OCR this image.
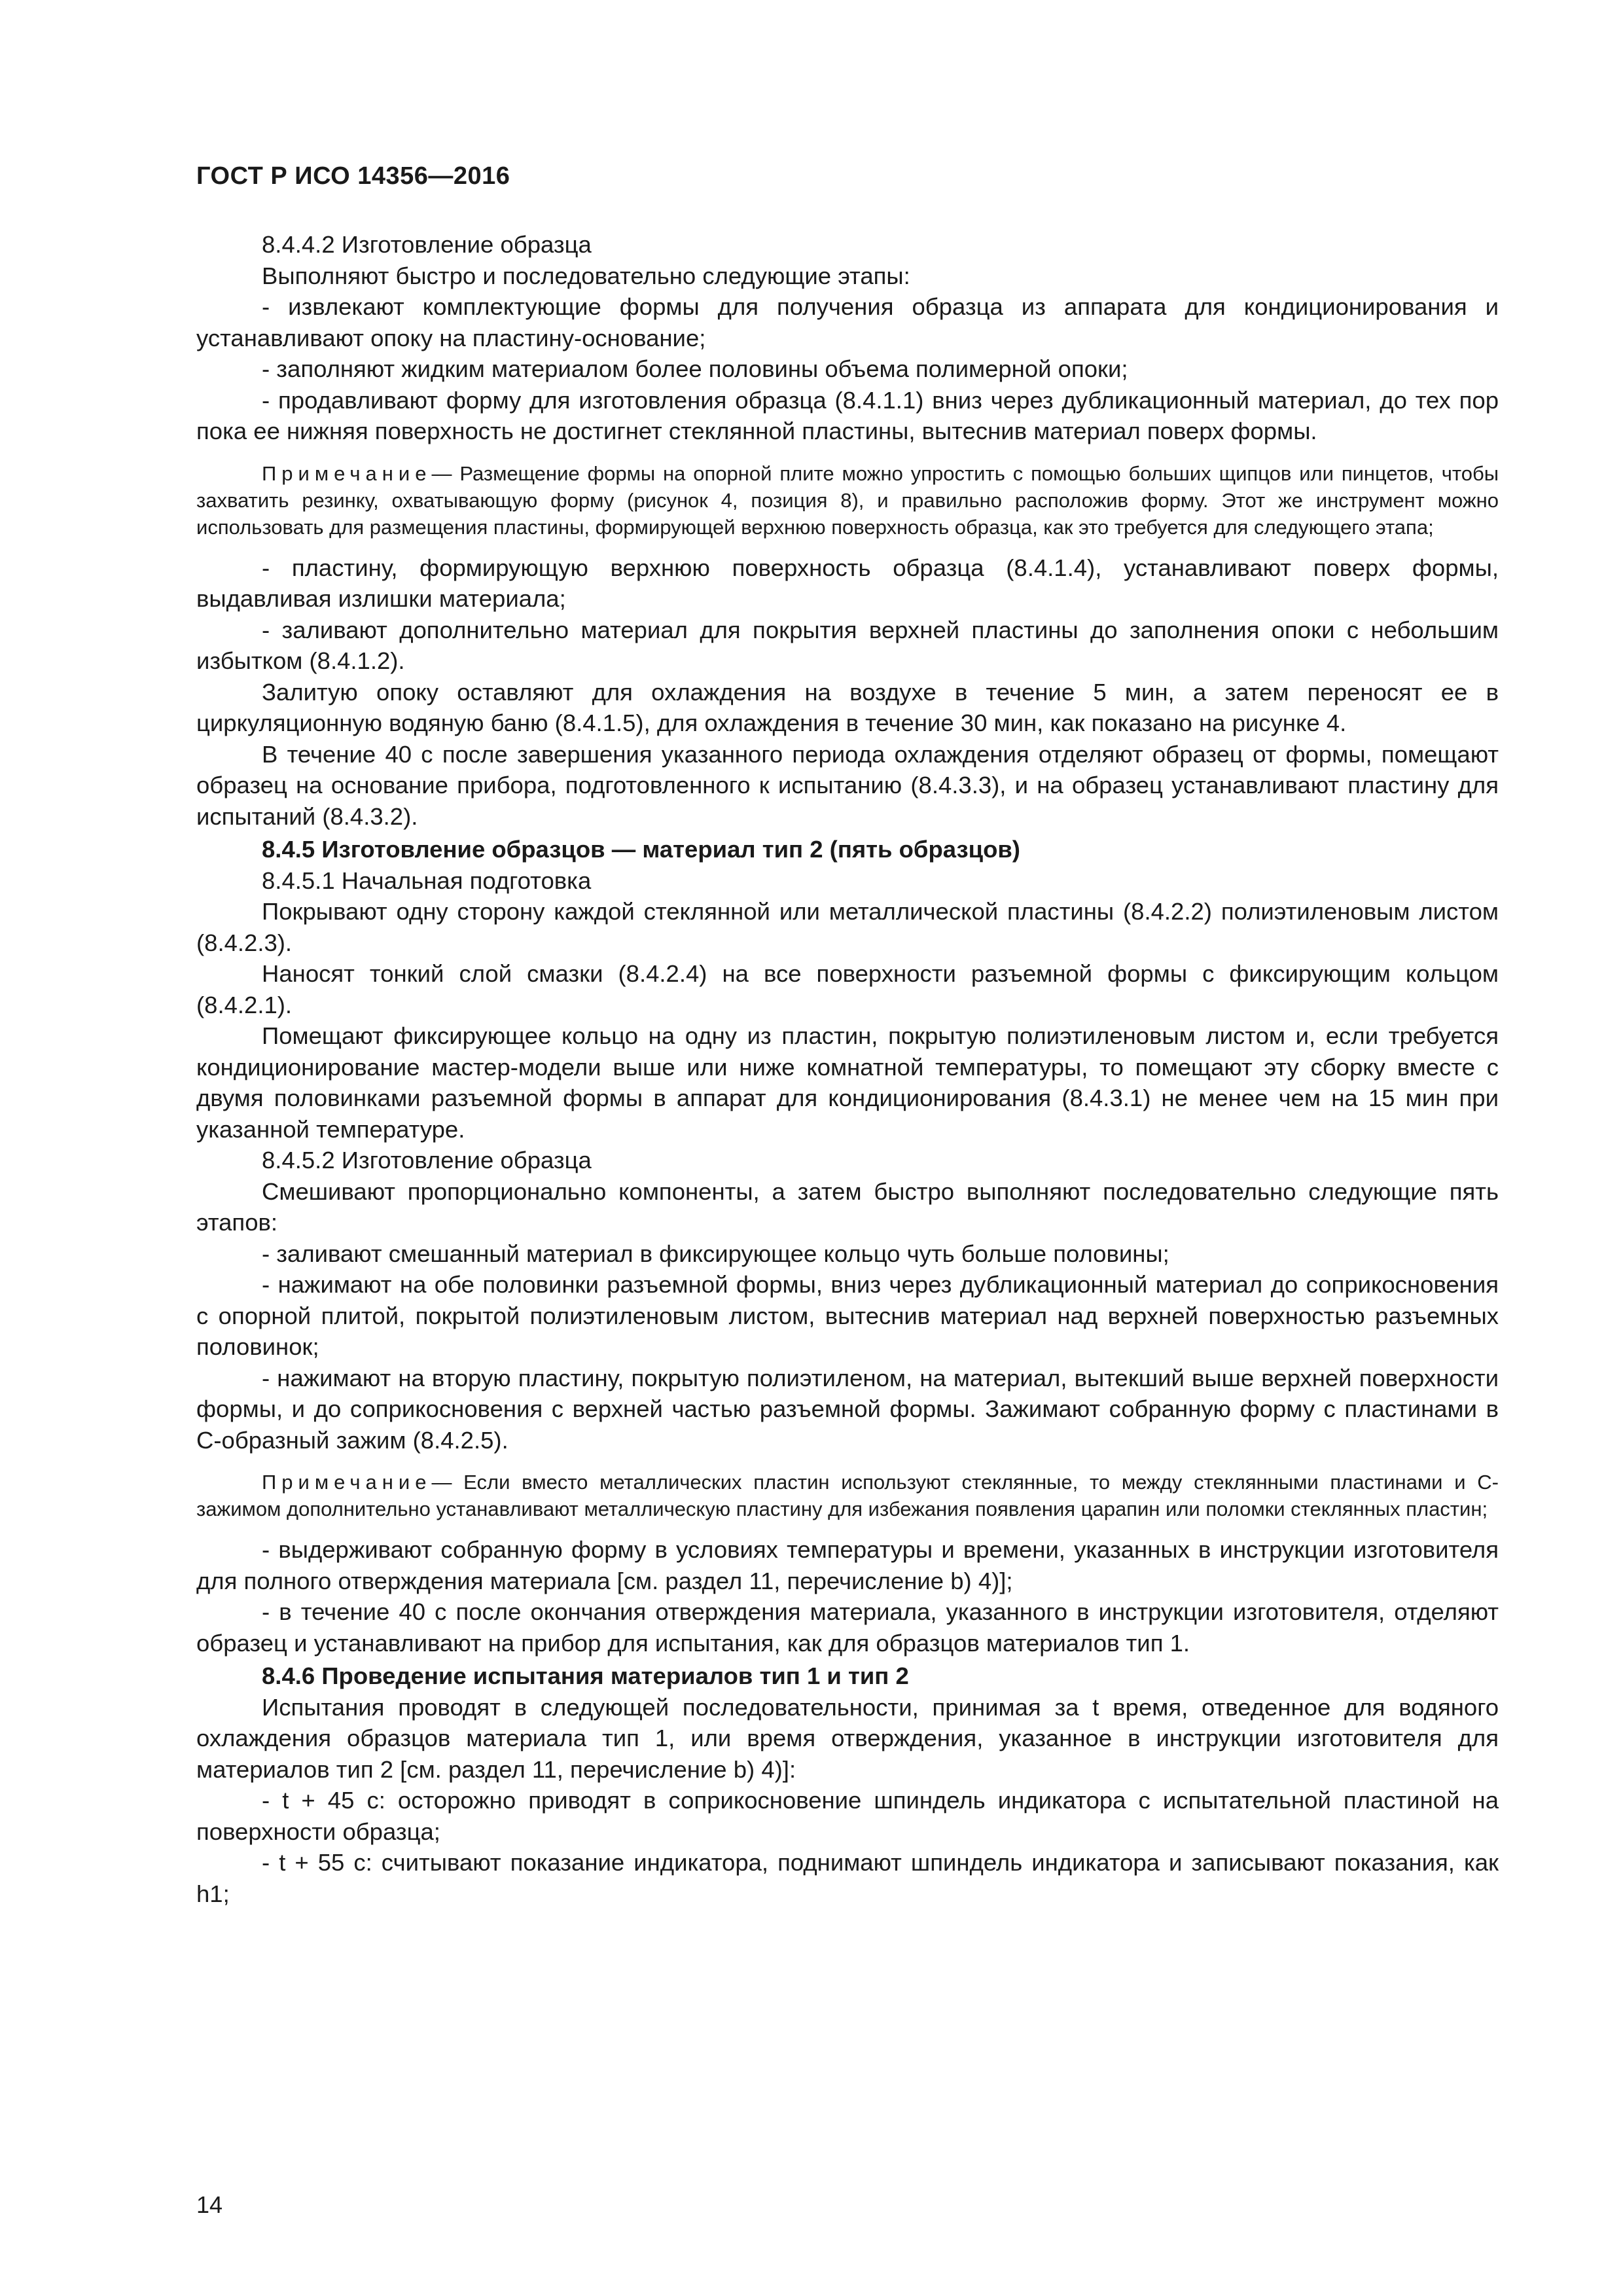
ГОСТ Р ИСО 14356—2016

8.4.4.2 Изготовление образца

Выполняют быстро и последовательно следующие этапы:

- извлекают комплектующие формы для получения образца из аппарата для кондиционирования и устанавливают опоку на пластину-основание;

- заполняют жидким материалом более половины объема полимерной опоки;

- продавливают форму для изготовления образца (8.4.1.1) вниз через дубликационный материал, до тех пор пока ее нижняя поверхность не достигнет стеклянной пластины, вытеснив материал поверх формы.

Примечание— Размещение формы на опорной плите можно упростить с помощью больших щипцов или пинцетов, чтобы захватить резинку, охватывающую форму (рисунок 4, позиция 8), и правильно расположив форму. Этот же инструмент можно использовать для размещения пластины, формирующей верхнюю поверхность образца, как это требуется для следующего этапа;

- пластину, формирующую верхнюю поверхность образца (8.4.1.4), устанавливают поверх формы, выдавливая излишки материала;

- заливают дополнительно материал для покрытия верхней пластины до заполнения опоки с небольшим избытком (8.4.1.2).

Залитую опоку оставляют для охлаждения на воздухе в течение 5 мин, а затем переносят ее в циркуляционную водяную баню (8.4.1.5), для охлаждения в течение 30 мин, как показано на рисунке 4.

В течение 40 с после завершения указанного периода охлаждения отделяют образец от формы, помещают образец на основание прибора, подготовленного к испытанию (8.4.3.3), и на образец устанавливают пластину для испытаний (8.4.3.2).

8.4.5 Изготовление образцов — материал тип 2 (пять образцов)

8.4.5.1 Начальная подготовка

Покрывают одну сторону каждой стеклянной или металлической пластины (8.4.2.2) полиэтиленовым листом (8.4.2.3).

Наносят тонкий слой смазки (8.4.2.4) на все поверхности разъемной формы с фиксирующим кольцом (8.4.2.1).

Помещают фиксирующее кольцо на одну из пластин, покрытую полиэтиленовым листом и, если требуется кондиционирование мастер-модели выше или ниже комнатной температуры, то помещают эту сборку вместе с двумя половинками разъемной формы в аппарат для кондиционирования (8.4.3.1) не менее чем на 15 мин при указанной температуре.

8.4.5.2 Изготовление образца

Смешивают пропорционально компоненты, а затем быстро выполняют последовательно следующие пять этапов:

- заливают смешанный материал в фиксирующее кольцо чуть больше половины;

- нажимают на обе половинки разъемной формы, вниз через дубликационный материал до соприкосновения с опорной плитой, покрытой полиэтиленовым листом, вытеснив материал над верхней поверхностью разъемных половинок;

- нажимают на вторую пластину, покрытую полиэтиленом, на материал, вытекший выше верхней поверхности формы, и до соприкосновения с верхней частью разъемной формы. Зажимают собранную форму с пластинами в С-образный зажим (8.4.2.5).

Примечание— Если вместо металлических пластин используют стеклянные, то между стеклянными пластинами и С-зажимом дополнительно устанавливают металлическую пластину для избежания появления царапин или поломки стеклянных пластин;

- выдерживают собранную форму в условиях температуры и времени, указанных в инструкции изготовителя для полного отверждения материала [см. раздел 11, перечисление b) 4)];

- в течение 40 с после окончания отверждения материала, указанного в инструкции изготовителя, отделяют образец и устанавливают на прибор для испытания, как для образцов материалов тип 1.

8.4.6 Проведение испытания материалов тип 1 и тип 2

Испытания проводят в следующей последовательности, принимая за t время, отведенное для водяного охлаждения образцов материала тип 1, или время отверждения, указанное в инструкции изготовителя для материалов тип 2 [см. раздел 11, перечисление b) 4)]:

- t + 45 с: осторожно приводят в соприкосновение шпиндель индикатора с испытательной пластиной на поверхности образца;

- t + 55 с: считывают показание индикатора, поднимают шпиндель индикатора и записывают показания, как h1;

14
